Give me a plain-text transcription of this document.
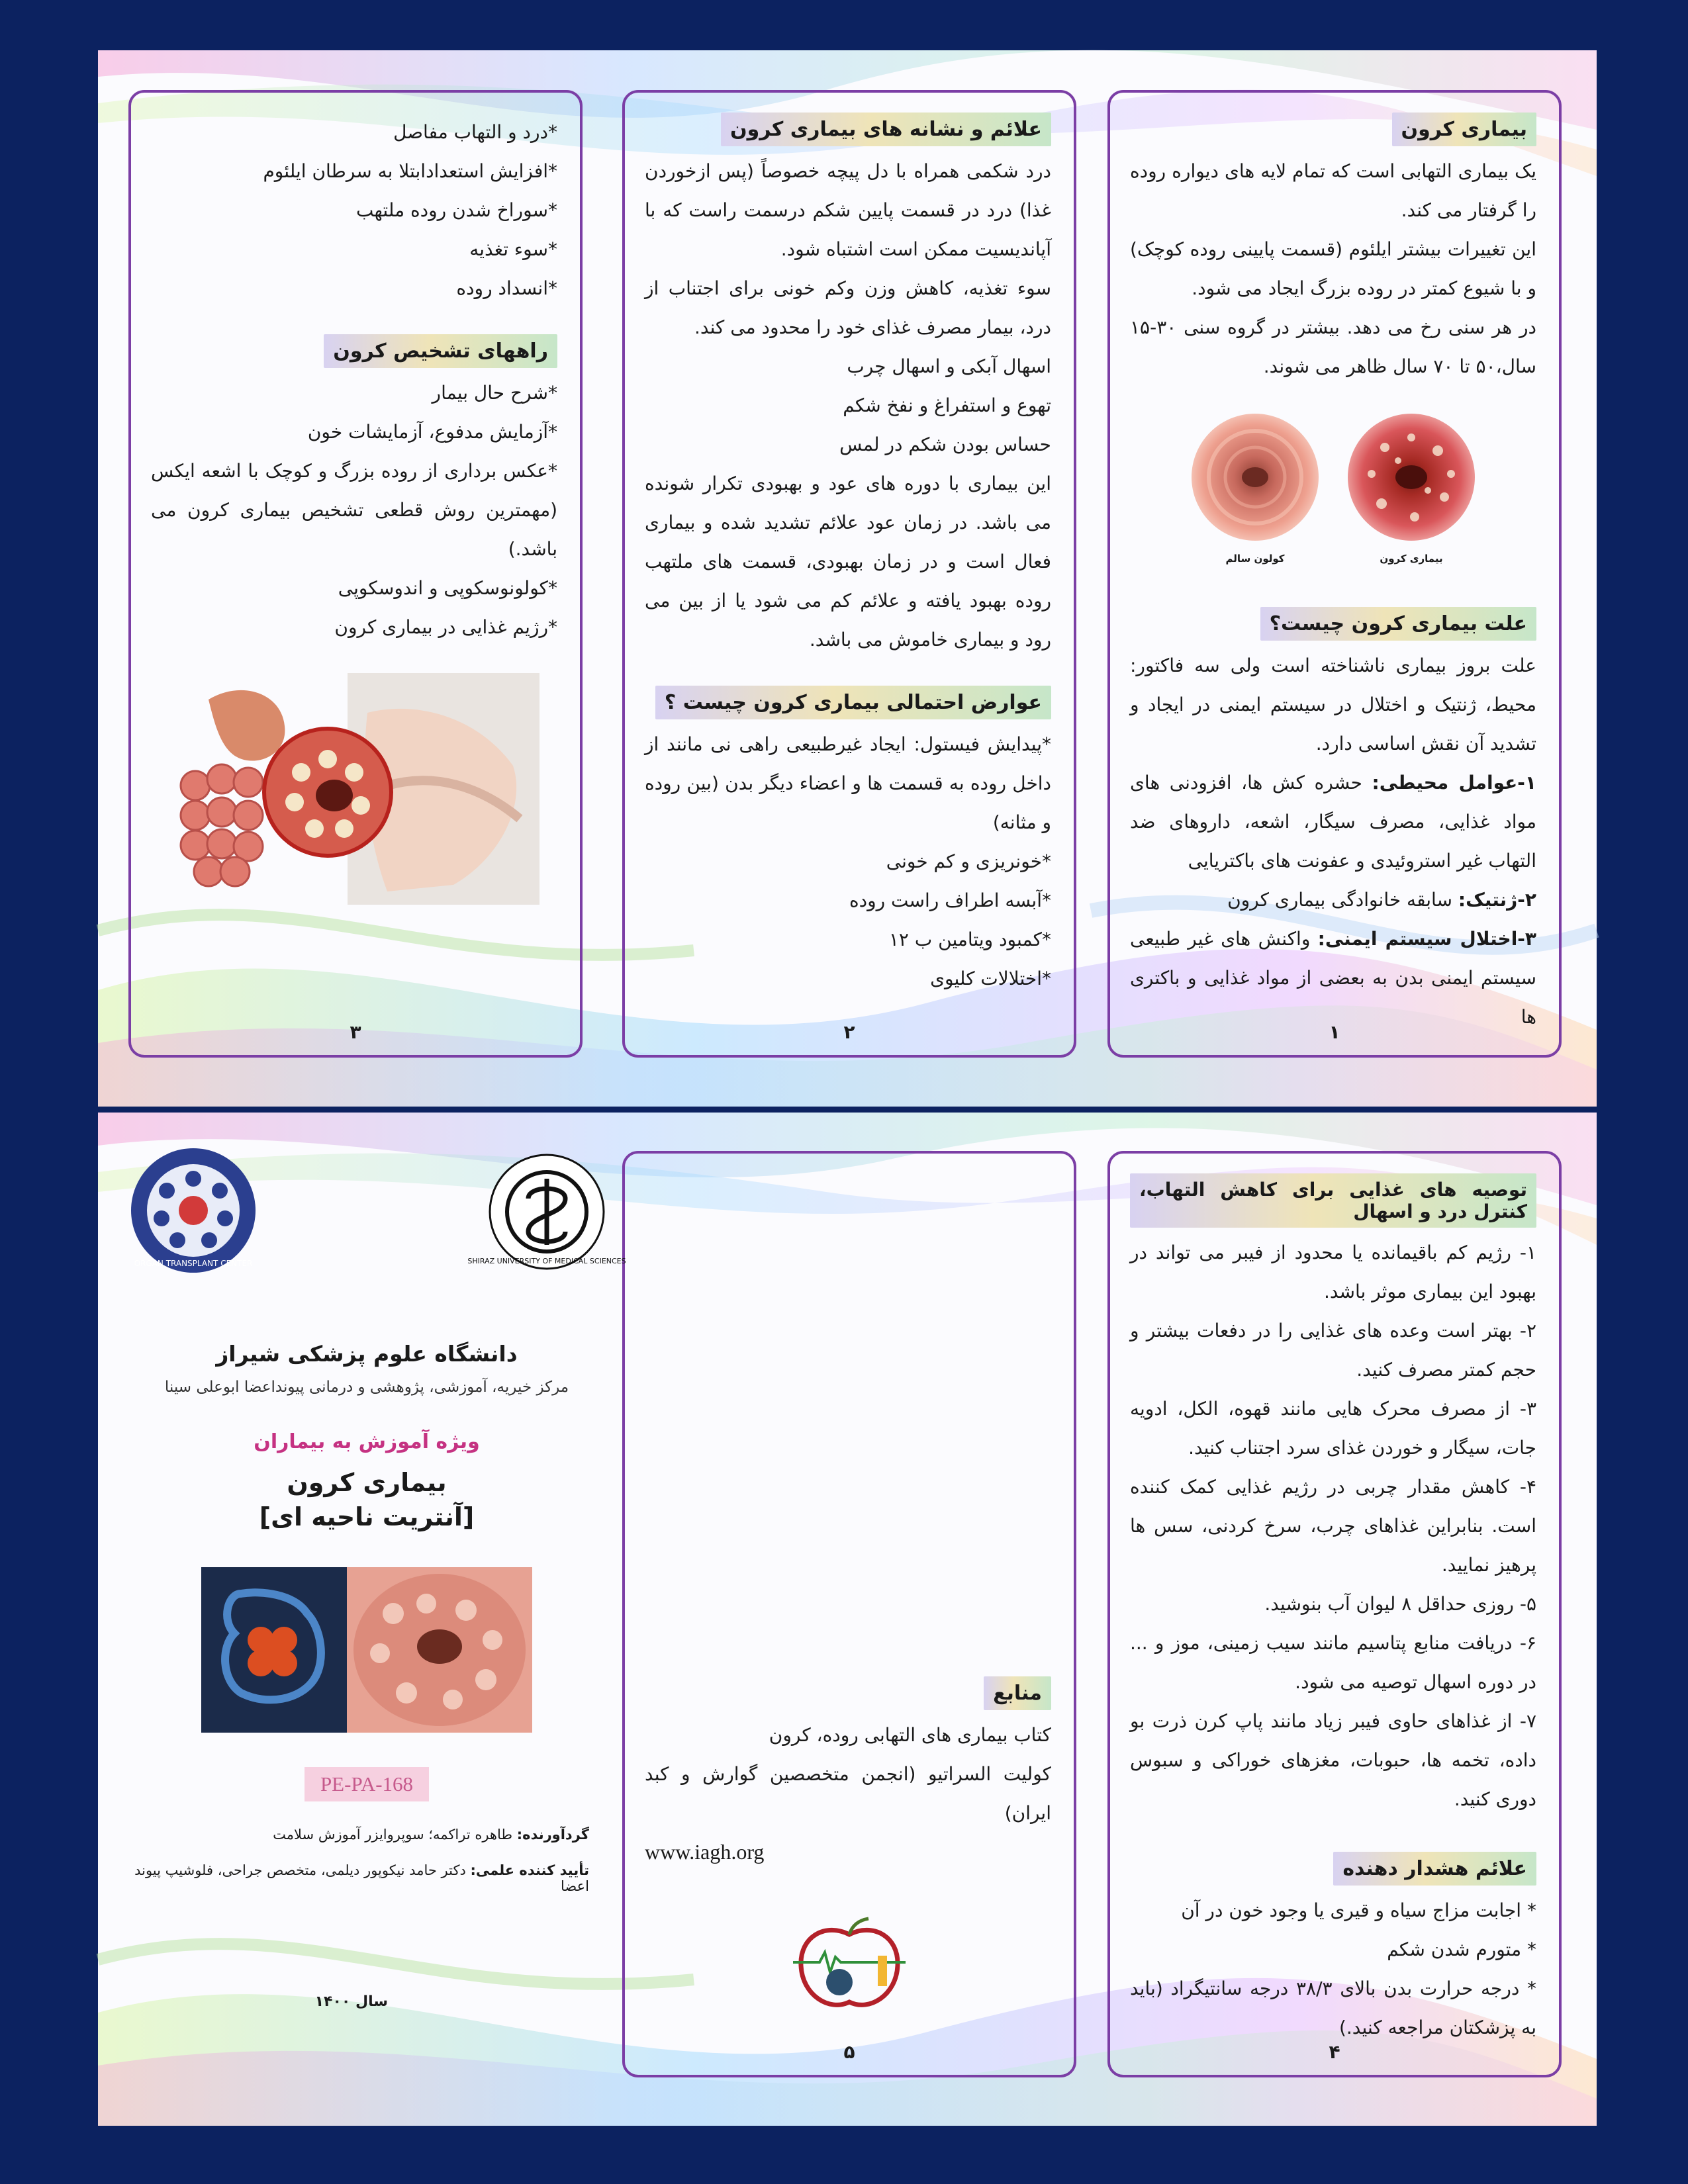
بیماری کرون

یک بیماری التهابی است که تمام لایه های دیواره روده را گرفتار می کند.

این تغییرات بیشتر ایلئوم (قسمت پایینی روده کوچک) و با شیوع کمتر در روده بزرگ ایجاد می شود.

در هر سنی رخ می دهد. بیشتر در گروه سنی ۳۰-۱۵ سال،۵۰ تا ۷۰ سال ظاهر می شوند.

بیماری کرون
کولون سالم
علت بیماری کرون چیست؟

علت بروز بیماری ناشناخته است ولی سه فاکتور: محیط، ژنتیک و اختلال در سیستم ایمنی در ایجاد و تشدید آن نقش اساسی دارد.

۱-عوامل محیطی: حشره کش ها، افزودنی های مواد غذایی، مصرف سیگار، اشعه، داروهای ضد التهاب غیر استروئیدی و عفونت های باکتریایی

۲-ژنتیک: سابقه خانوادگی بیماری کرون

۳-اختلال سیستم ایمنی: واکنش های غیر طبیعی سیستم ایمنی بدن به بعضی از مواد غذایی و باکتری ها

۱
علائم و نشانه های بیماری کرون

درد شکمی همراه با دل پیچه خصوصاً (پس ازخوردن غذا) درد در قسمت پایین شکم درسمت راست که با آپاندیسیت ممکن است اشتباه شود.

سوء تغذیه، کاهش وزن وکم خونی برای اجتناب از درد، بیمار مصرف غذای خود را محدود می کند.

اسهال آبکی و اسهال چرب

تهوع و استفراغ و نفخ شکم

حساس بودن شکم در لمس

این بیماری با دوره های عود و بهبودی تکرار شونده می باشد. در زمان عود علائم تشدید شده و بیماری فعال است و در زمان بهبودی، قسمت های ملتهب روده بهبود یافته و علائم کم می شود یا از بین می رود و بیماری خاموش می باشد.

عوارض احتمالی بیماری کرون چیست ؟

*پیدایش فیستول: ایجاد غیرطبیعی راهی نی مانند از داخل روده به قسمت ها و اعضاء دیگر بدن (بین روده و مثانه)

*خونریزی و کم خونی

*آبسه اطراف راست روده

*کمبود ویتامین ب ۱۲

*اختلالات کلیوی

۲

*درد و التهاب مفاصل

*افزایش استعدادابتلا به سرطان ایلئوم

*سوراخ شدن روده ملتهب

*سوء تغذیه

*انسداد روده

راههای تشخیص کرون

*شرح حال بیمار

*آزمایش مدفوع، آزمایشات خون

*عکس برداری از روده بزرگ و کوچک با اشعه ایکس (مهمترین روش قطعی تشخیص بیماری کرون می باشد.)

*کولونوسکوپی و اندوسکوپی

*رژیم غذایی در بیماری کرون

۳
توصیه های غذایی برای کاهش التهاب، کنترل درد و اسهال

۱- رژیم کم باقیمانده یا محدود از فیبر می تواند در بهبود این بیماری موثر باشد.

۲- بهتر است وعده های غذایی را در دفعات بیشتر و حجم کمتر مصرف کنید.

۳- از مصرف محرک هایی مانند قهوه، الکل، ادویه جات، سیگار و خوردن غذای سرد اجتناب کنید.

۴- کاهش مقدار چربی در رژیم غذایی کمک کننده است. بنابراین غذاهای چرب، سرخ کردنی، سس ها پرهیز نمایید.

۵- روزی حداقل ۸ لیوان آب بنوشید.

۶- دریافت منابع پتاسیم مانند سیب زمینی، موز و ... در دوره اسهال توصیه می شود.

۷- از غذاهای حاوی فیبر زیاد مانند پاپ کرن ذرت بو داده، تخمه ها، حبوبات، مغزهای خوراکی و سبوس دوری کنید.

علائم هشدار دهنده

* اجابت مزاج سیاه و قیری یا وجود خون در آن

* متورم شدن شکم

* درجه حرارت بدن بالای ۳۸/۳ درجه سانتیگراد (باید به پزشکتان مراجعه کنید.)

۴
منابع

کتاب بیماری های التهابی روده، کرون

کولیت السراتیو (انجمن متخصصین گوارش و کبد ایران)

www.iagh.org

۵
SHIRAZ UNIVERSITY OF MEDICAL SCIENCES
ORGAN TRANSPLANT CENTER
دانشگاه علوم پزشکی شیراز
مرکز خیریه، آموزشی، پژوهشی و درمانی پیونداعضا ابوعلی سینا
ویژه آموزش به بیماران
بیماری کرون
[آنتریت ناحیه ای]
PE-PA-168
گردآورنده: طاهره تراکمه؛ سوپروایزر آموزش سلامت
تأیید کننده علمی: دکتر حامد نیکوپور دیلمی، متخصص جراحی، فلوشیپ پیوند اعضا
سال ۱۴۰۰
